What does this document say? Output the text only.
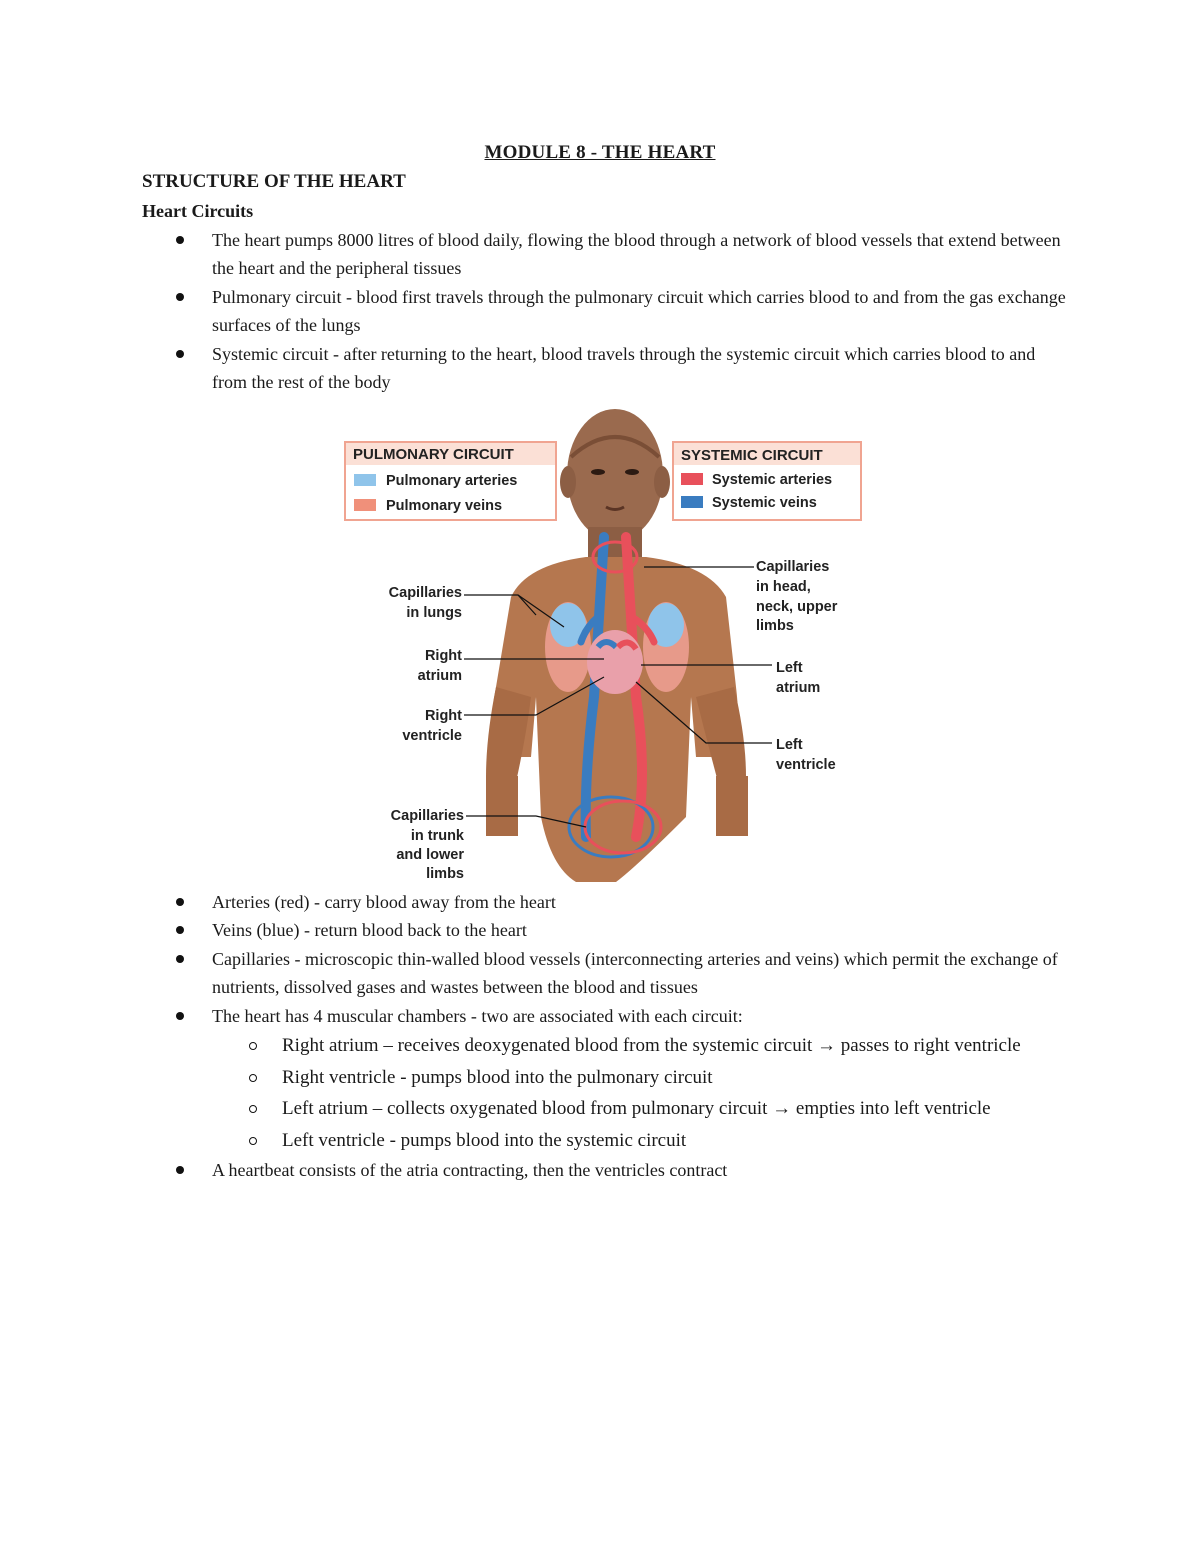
MODULE 8 - THE HEART
STRUCTURE OF THE HEART
Heart Circuits
The heart pumps 8000 litres of blood daily, flowing the blood through a network of blood vessels that extend between the heart and the peripheral tissues
Pulmonary circuit - blood first travels through the pulmonary circuit which carries blood to and from the gas exchange surfaces of the lungs
Systemic circuit - after returning to the heart, blood travels through the systemic circuit which carries blood to and from the rest of the body
PULMONARY CIRCUIT
Pulmonary arteries
Pulmonary veins
SYSTEMIC CIRCUIT
Systemic arteries
Systemic veins
Capillaries
in lungs
Right
atrium
Right
ventricle
Capillaries
in trunk
and lower
limbs
Capillaries
in head,
neck, upper
limbs
Left
atrium
Left
ventricle
Arteries (red) - carry blood away from the heart
Veins (blue) - return blood back to the heart
Capillaries - microscopic thin-walled blood vessels (interconnecting arteries and veins) which permit the exchange of nutrients, dissolved gases and wastes between the blood and tissues
The heart has 4 muscular chambers - two are associated with each circuit:
Right atrium – receives deoxygenated blood from the systemic circuit → passes to right ventricle
Right ventricle - pumps blood into the pulmonary circuit
Left atrium – collects oxygenated blood from pulmonary circuit → empties into left ventricle
Left ventricle - pumps blood into the systemic circuit
A heartbeat consists of the atria contracting, then the ventricles contract
